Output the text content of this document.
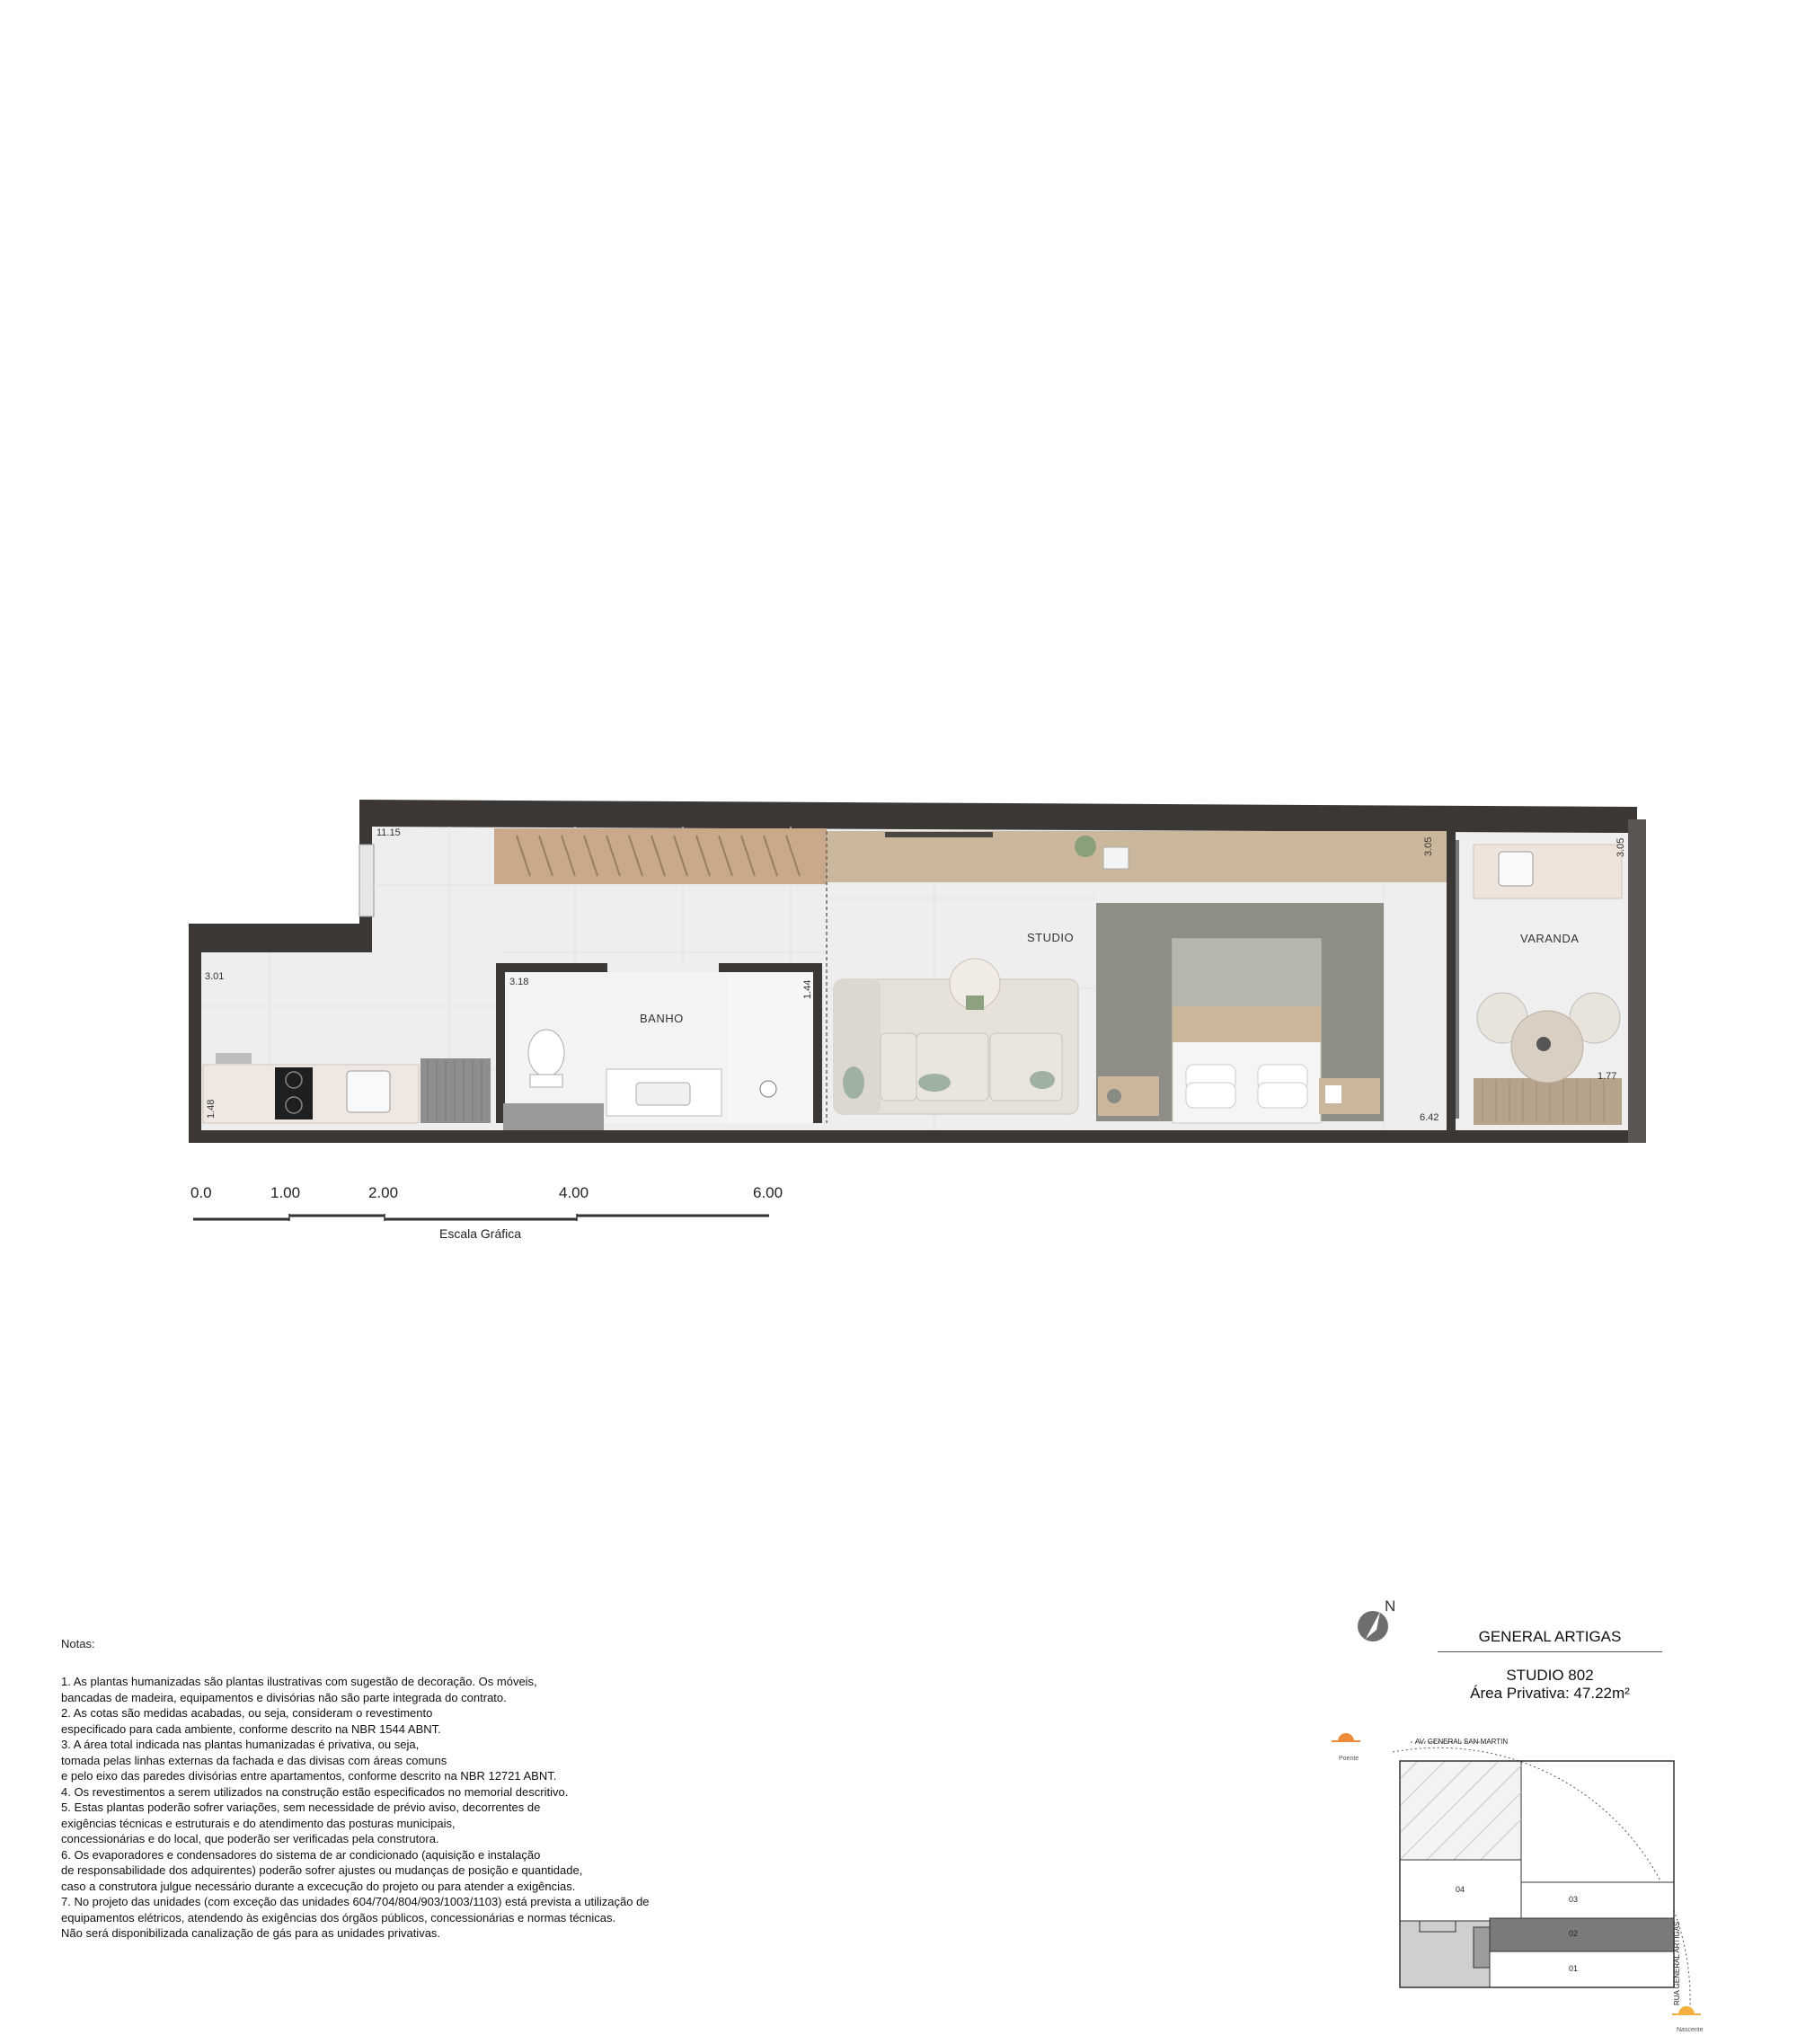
STUDIO
BANHO
VARANDA
11.15
3.01
1.48
3.18	1.44
3.05	3.05
6.42
1.77
0.0	1.00	2.00	4.00	6.00
Escala Gráfica
Notas:
1. As plantas humanizadas são plantas ilustrativas com sugestão de decoração. Os móveis,
bancadas de madeira, equipamentos e divisórias não são parte integrada do contrato.
2. As cotas são medidas acabadas, ou seja, consideram o revestimento
especificado para cada ambiente, conforme descrito na NBR 1544 ABNT.
3. A área total indicada nas plantas humanizadas é privativa, ou seja,
tomada pelas linhas externas da fachada e das divisas com áreas comuns
e pelo eixo das paredes divisórias entre apartamentos, conforme descrito na NBR 12721 ABNT.
4. Os revestimentos a serem utilizados na construção estão especificados no memorial descritivo.
5. Estas plantas poderão sofrer variações, sem necessidade de prévio aviso, decorrentes de
exigências técnicas e estruturais e do atendimento das posturas municipais,
concessionárias e do local, que poderão ser verificadas pela construtora.
6. Os evaporadores e condensadores do sistema de ar condicionado (aquisição e instalação
de responsabilidade dos adquirentes) poderão sofrer ajustes ou mudanças de posição e quantidade,
caso a construtora julgue necessário durante a excecução do projeto ou para atender a exigências.
7. No projeto das unidades (com exceção das unidades 604/704/804/903/1003/1103) está prevista a utilização de
equipamentos elétricos, atendendo às exigências dos órgãos públicos, concessionárias e normas técnicas.
Não será disponibilizada canalização de gás para as unidades privativas.
N
GENERAL ARTIGAS
STUDIO 802
Área Privativa: 47.22m²
AV. GENERAL SAN MARTIN
RUA GENERAL ARTIGAS
Poente
Nascente
04
03
02
01
